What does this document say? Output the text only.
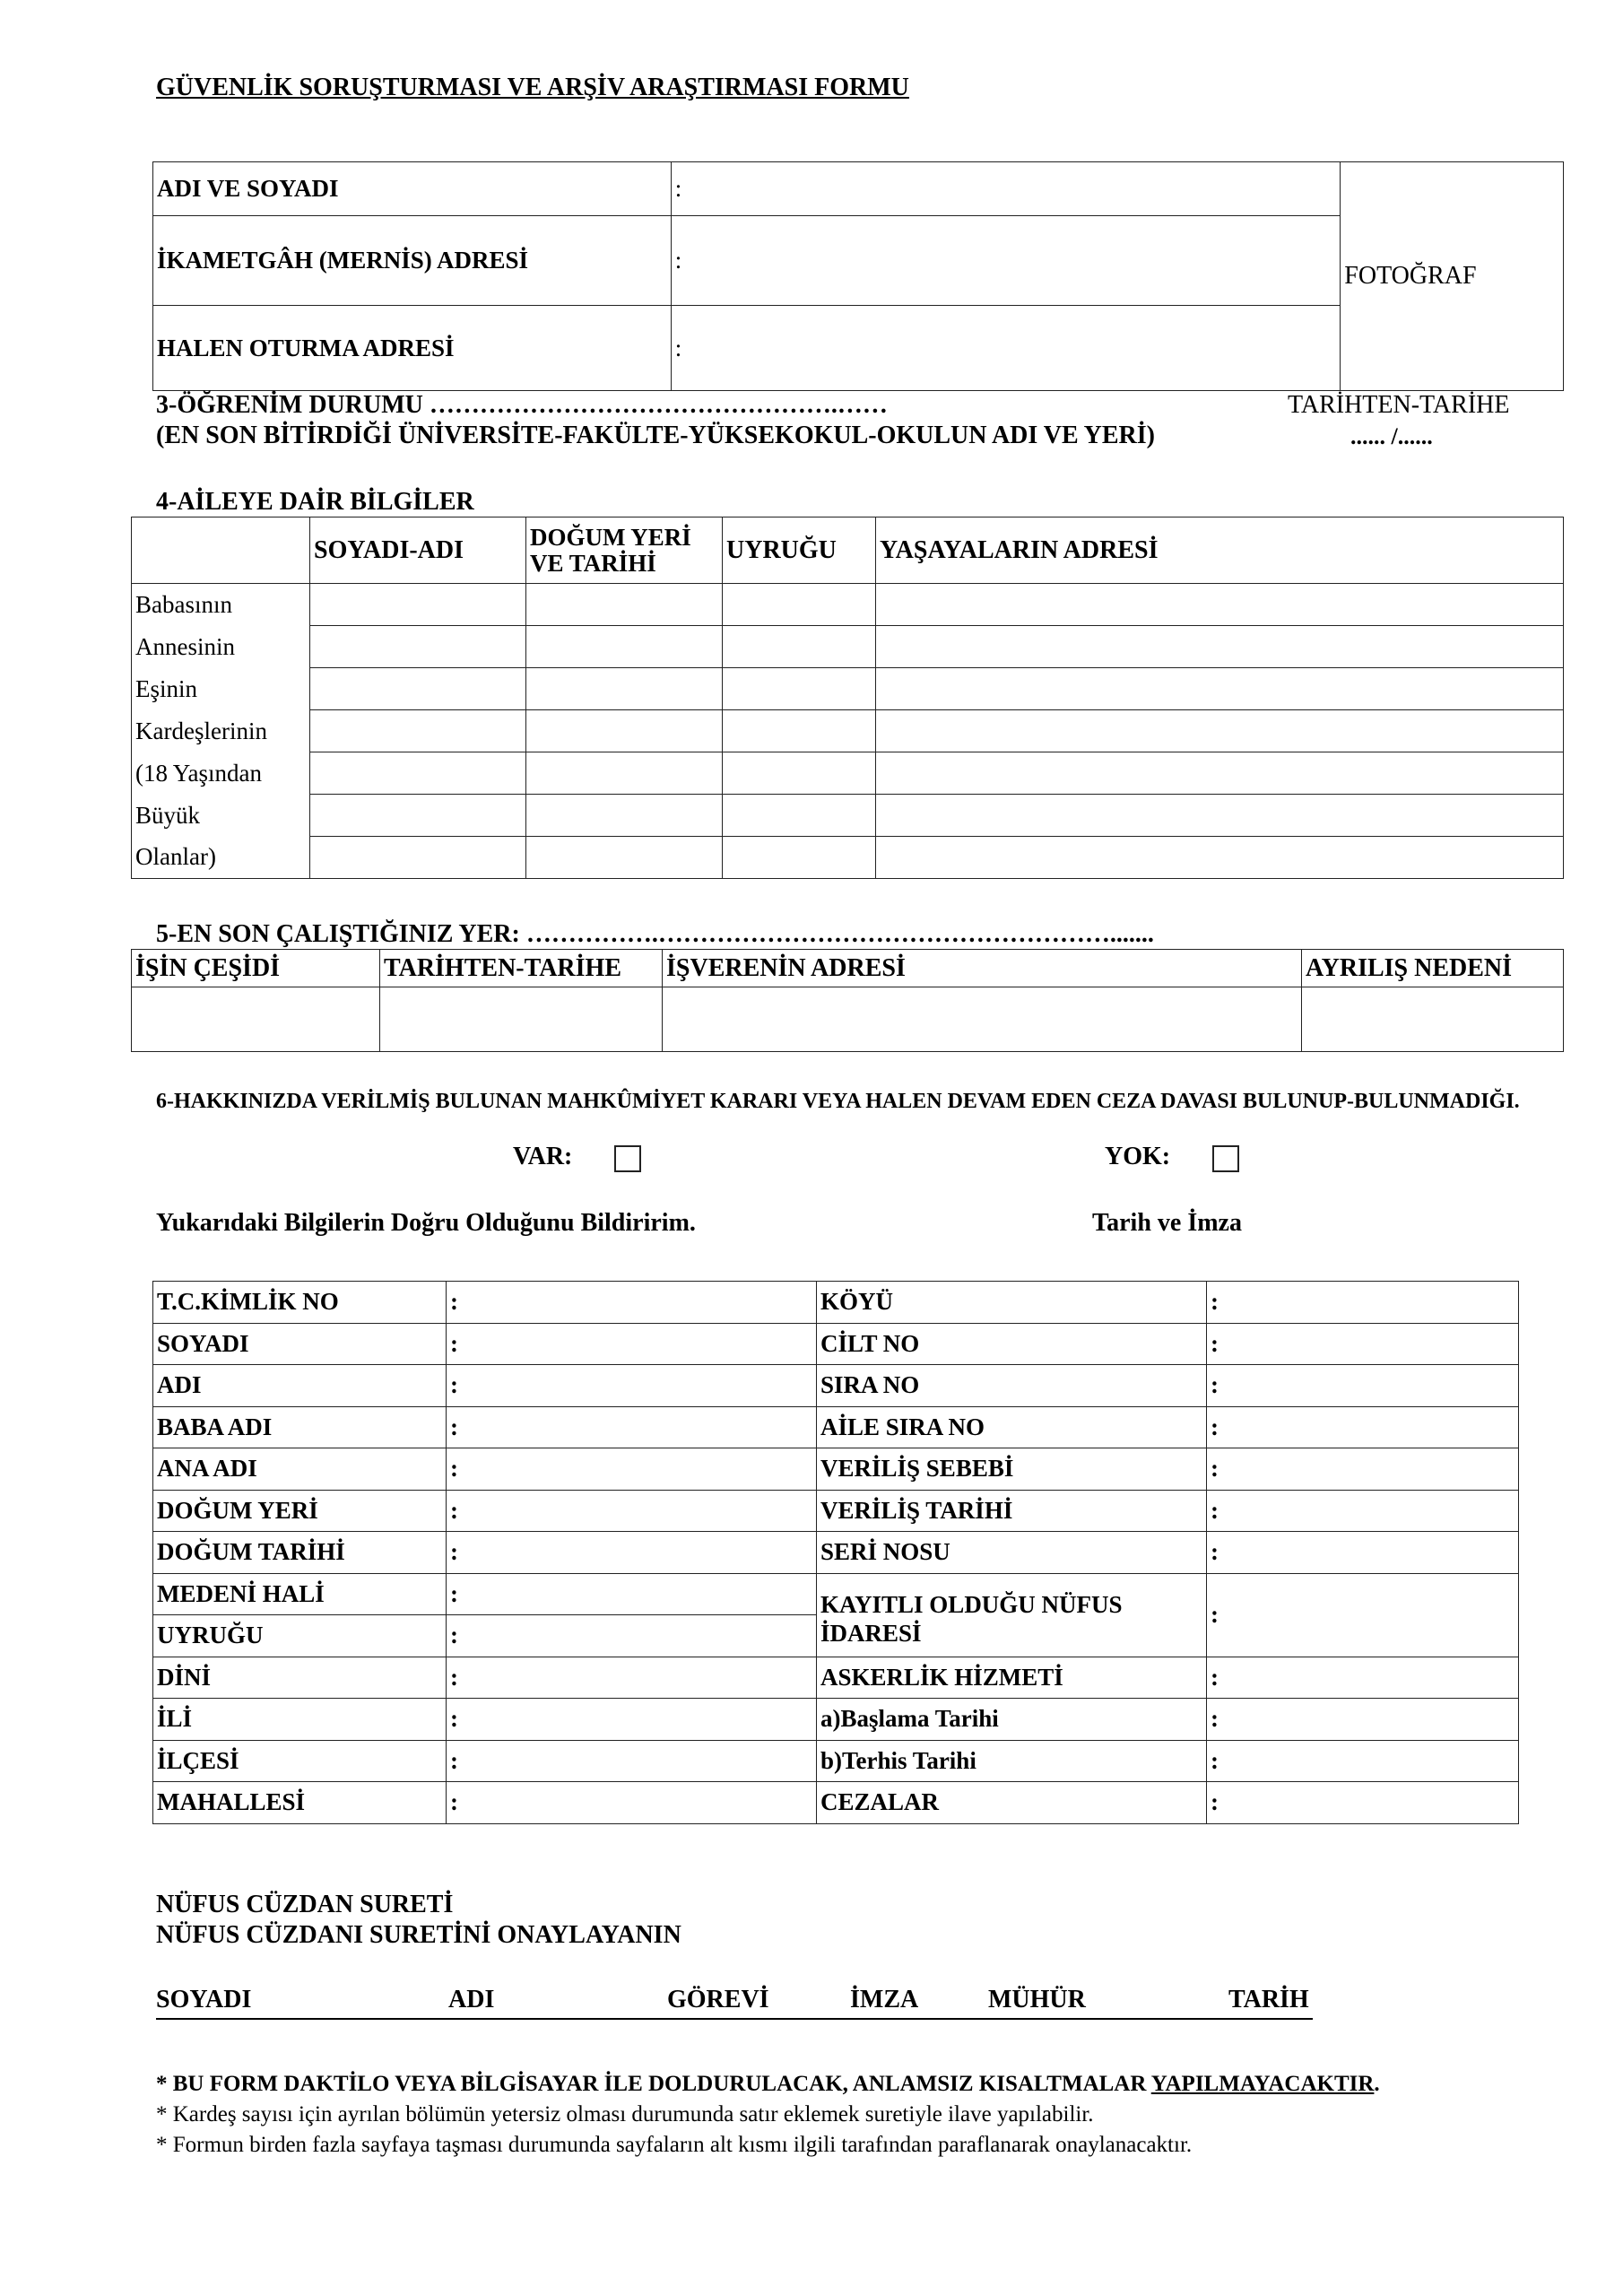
GÜVENLİK SORUŞTURMASI VE ARŞİV ARAŞTIRMASI FORMU
ADI VE SOYADI	:	FOTOĞRAF
İKAMETGÂH (MERNİS) ADRESİ	:	
HALEN OTURMA ADRESİ	:	
3-ÖĞRENİM DURUMU ………………………………………….……	TARİHTEN-TARİHE
(EN SON BİTİRDİĞİ ÜNİVERSİTE-FAKÜLTE-YÜKSEKOKUL-OKULUN ADI VE YERİ)	...... /......
4-AİLEYE DAİR BİLGİLER
	SOYADI-ADI	DOĞUM YERİ VE TARİHİ	UYRUĞU	YAŞAYALARIN ADRESİ
Babasının				
Annesinin				
Eşinin				
Kardeşlerinin				
(18 Yaşından				
Büyük				
Olanlar)				
5-EN SON ÇALIŞTIĞINIZ YER: …………….……………………………………………….......
İŞİN ÇEŞİDİ	TARİHTEN-TARİHE	İŞVERENİN ADRESİ	AYRILIŞ NEDENİ

6-HAKKINIZDA VERİLMİŞ BULUNAN MAHKÛMİYET KARARI VEYA HALEN DEVAM EDEN CEZA DAVASI BULUNUP-BULUNMADIĞI.
VAR:	YOK:
Yukarıdaki Bilgilerin Doğru Olduğunu Bildiririm.	Tarih ve İmza
T.C.KİMLİK NO	:	KÖYÜ	:
SOYADI	:	CİLT NO	:
ADI	:	SIRA NO	:
BABA ADI	:	AİLE SIRA NO	:
ANA ADI	:	VERİLİŞ SEBEBİ	:
DOĞUM YERİ	:	VERİLİŞ TARİHİ	:
DOĞUM TARİHİ	:	SERİ NOSU	:
MEDENİ HALİ	:	KAYITLI OLDUĞU NÜFUS İDARESİ	:
UYRUĞU	:		
DİNİ	:	ASKERLİK HİZMETİ	:
İLİ	:	a)Başlama Tarihi	:
İLÇESİ	:	b)Terhis Tarihi	:
MAHALLESİ	:	CEZALAR	:
NÜFUS CÜZDAN SURETİ
NÜFUS CÜZDANI SURETİNİ ONAYLAYANIN
SOYADI	ADI	GÖREVİ	İMZA	MÜHÜR	TARİH
* BU FORM DAKTİLO VEYA BİLGİSAYAR İLE DOLDURULACAK, ANLAMSIZ KISALTMALAR YAPILMAYACAKTIR.
* Kardeş sayısı için ayrılan bölümün yetersiz olması durumunda satır eklemek suretiyle ilave yapılabilir.
* Formun birden fazla sayfaya taşması durumunda sayfaların alt kısmı ilgili tarafından paraflanarak onaylanacaktır.
